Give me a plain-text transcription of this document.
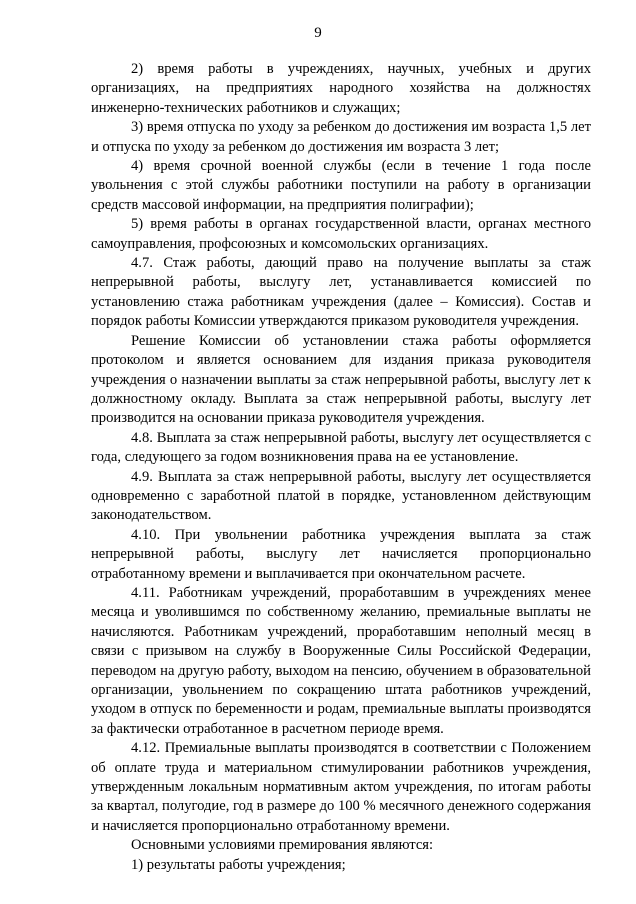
9

2) время работы в учреждениях, научных, учебных и других организациях, на предприятиях народного хозяйства на должностях инженерно-технических работников и служащих;

3) время отпуска по уходу за ребенком до достижения им возраста 1,5 лет и отпуска по уходу за ребенком до достижения им возраста 3 лет;

4) время срочной военной службы (если в течение 1 года после увольнения с этой службы работники поступили на работу в организации средств массовой информации, на предприятия полиграфии);

5) время работы в органах государственной власти, органах местного самоуправления, профсоюзных и комсомольских организациях.

4.7. Стаж работы, дающий право на получение выплаты за стаж непрерывной работы, выслугу лет, устанавливается комиссией по установлению стажа работникам учреждения (далее – Комиссия). Состав и порядок работы Комиссии утверждаются приказом руководителя учреждения.

Решение Комиссии об установлении стажа работы оформляется протоколом и является основанием для издания приказа руководителя учреждения о назначении выплаты за стаж непрерывной работы, выслугу лет к должностному окладу. Выплата за стаж непрерывной работы, выслугу лет производится на основании приказа руководителя учреждения.

4.8. Выплата за стаж непрерывной работы, выслугу лет осуществляется с года, следующего за годом возникновения права на ее установление.

4.9. Выплата за стаж непрерывной работы, выслугу лет осуществляется одновременно с заработной платой в порядке, установленном действующим законодательством.

4.10. При увольнении работника учреждения выплата за стаж непрерывной работы, выслугу лет начисляется пропорционально отработанному времени и выплачивается при окончательном расчете.

4.11. Работникам учреждений, проработавшим в учреждениях менее месяца и уволившимся по собственному желанию, премиальные выплаты не начисляются. Работникам учреждений, проработавшим неполный месяц в связи с призывом на службу в Вооруженные Силы Российской Федерации, переводом на другую работу, выходом на пенсию, обучением в образовательной организации, увольнением по сокращению штата работников учреждений, уходом в отпуск по беременности и родам, премиальные выплаты производятся за фактически отработанное в расчетном периоде время.

4.12. Премиальные выплаты производятся в соответствии с Положением об оплате труда и материальном стимулировании работников учреждения, утвержденным локальным нормативным актом учреждения, по итогам работы за квартал, полугодие, год в размере до 100 % месячного денежного содержания и начисляется пропорционально отработанному времени.

Основными условиями премирования являются:

1) результаты работы учреждения;
